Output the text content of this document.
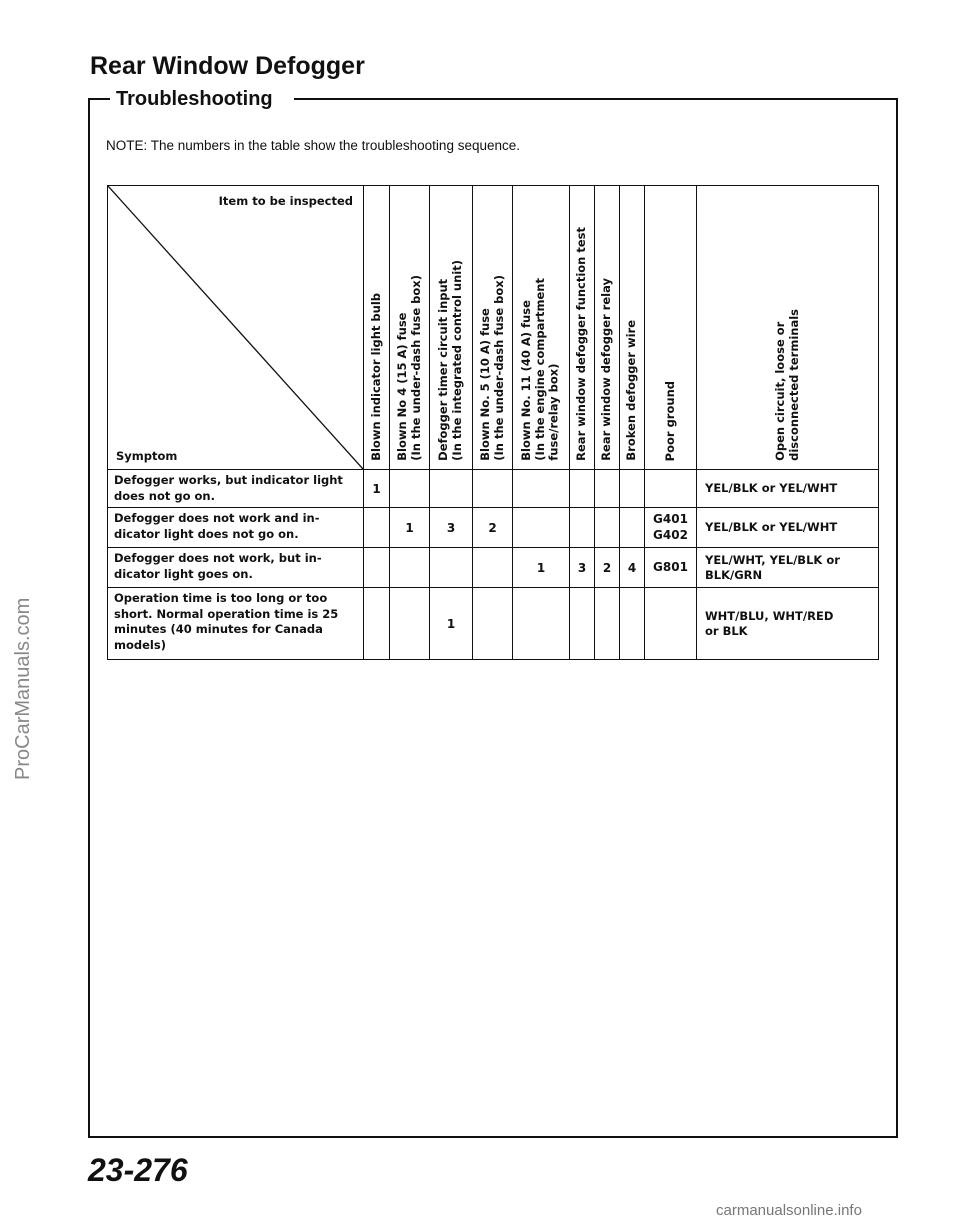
Rear Window Defogger
Troubleshooting
NOTE: The numbers in the table show the troubleshooting sequence.
ProCarManuals.com
Item to be inspected
Symptom	Blown indicator light bulb	Blown No 4 (15 A) fuse
(In the under-dash fuse box)	Defogger timer circuit input
(In the integrated control unit)	Blown No. 5 (10 A) fuse
(In the under-dash fuse box)	Blown No. 11 (40 A) fuse
(In the engine compartment
fuse/relay box)	Rear window defogger function test	Rear window defogger relay	Broken defogger wire	Poor ground	Open circuit, loose or
disconnected terminals

Defogger works, but indicator light
does not go on.	1									YEL/BLK or YEL/WHT
Defogger does not work and in-
dicator light does not go on.		1	3	2					G401
G402	YEL/BLK or YEL/WHT
Defogger does not work, but in-
dicator light goes on.					1	3	2	4	G801	YEL/WHT, YEL/BLK or
BLK/GRN
Operation time is too long or too
short. Normal operation time is 25
minutes (40 minutes for Canada
models)			1							WHT/BLU, WHT/RED
or BLK
23-276
carmanualsonline.info
